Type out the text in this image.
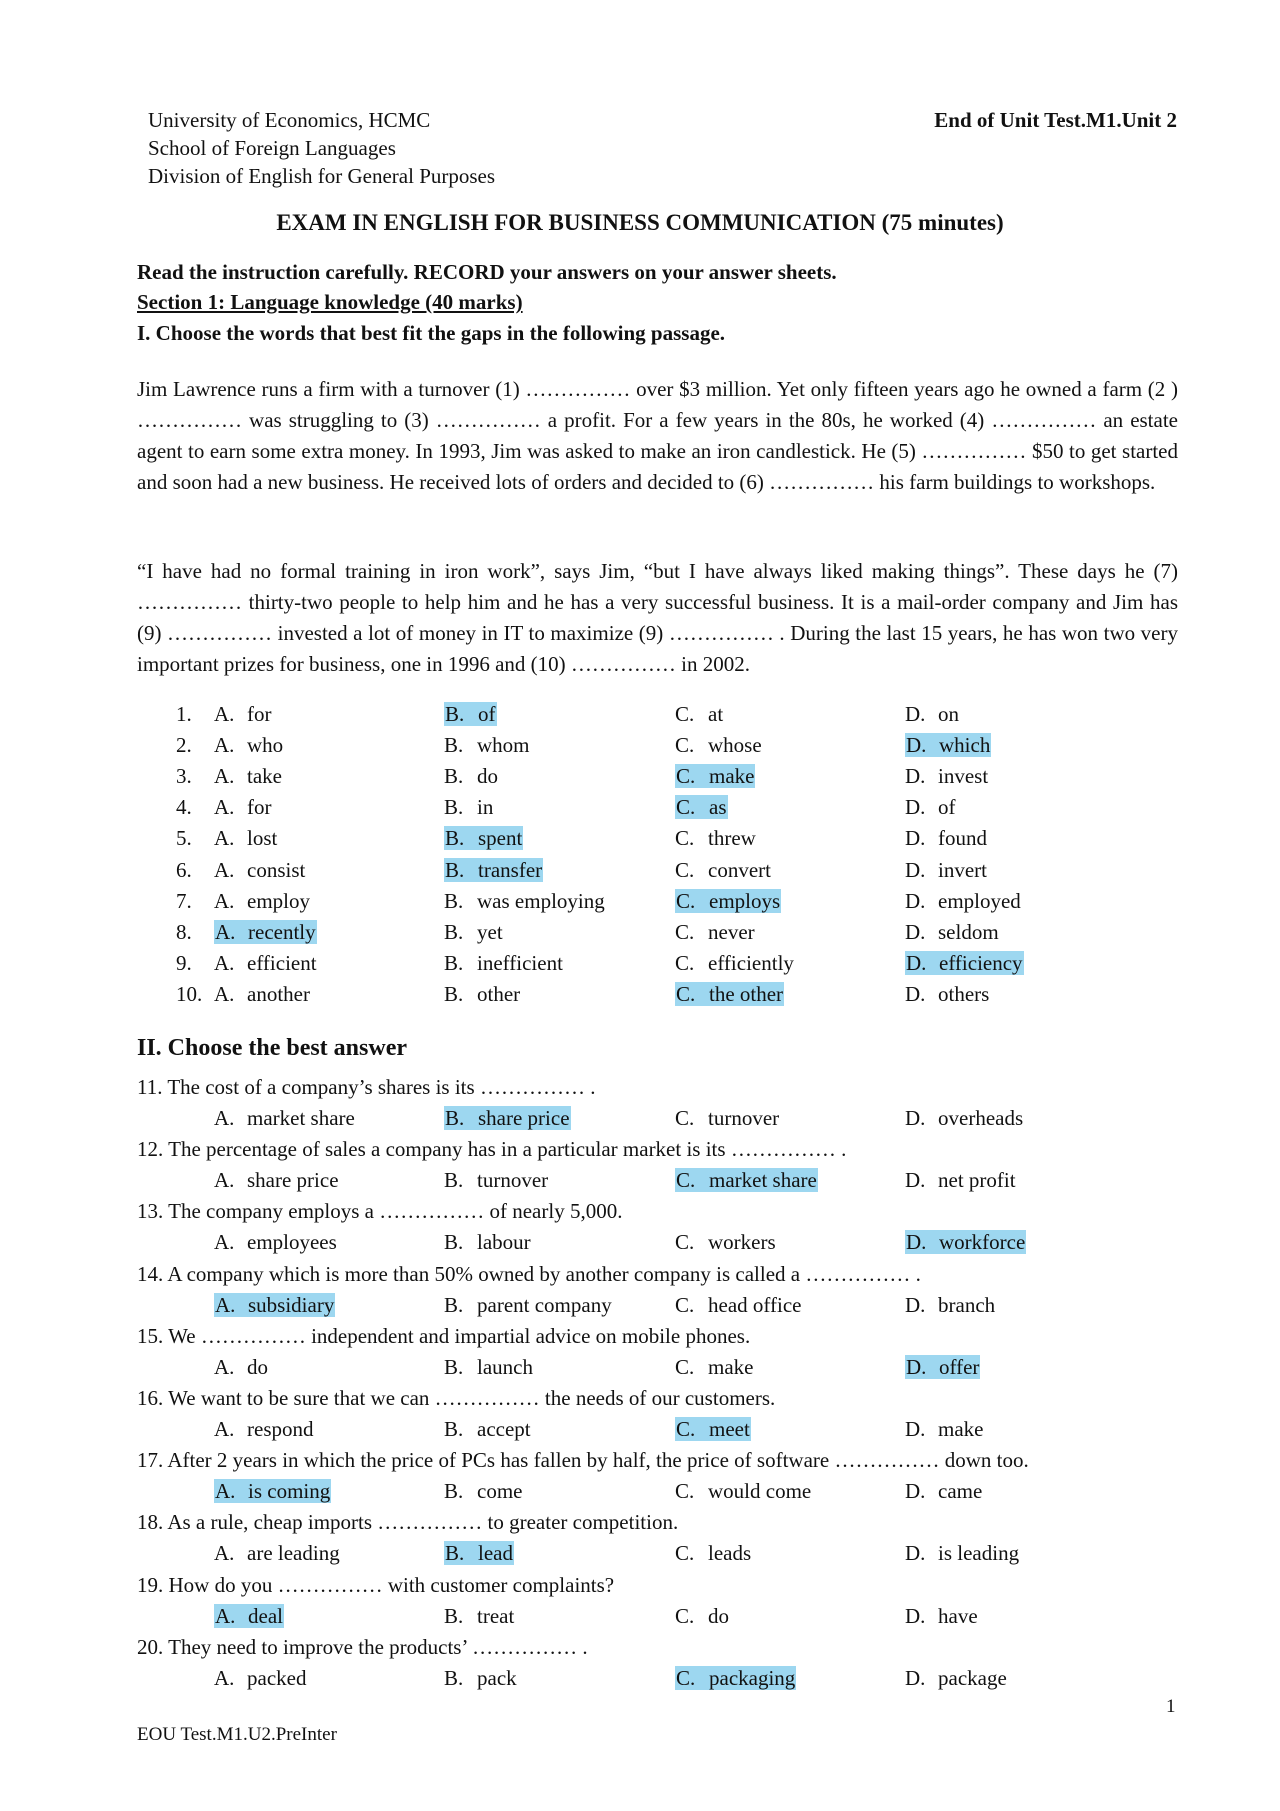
University of Economics, HCMC
School of Foreign Languages
Division of English for General Purposes
End of Unit Test.M1.Unit 2
EXAM IN ENGLISH FOR BUSINESS COMMUNICATION (75 minutes)
Read the instruction carefully. RECORD your answers on your answer sheets.
Section 1: Language knowledge (40 marks)
I. Choose the words that best fit the gaps in the following passage.

Jim Lawrence runs a firm with a turnover (1) …………… over $3 million. Yet only fifteen years ago he owned a farm (2 ) …………… was struggling to (3) …………… a profit. For a few years in the 80s, he worked (4) …………… an estate agent to earn some extra money. In 1993, Jim was asked to make an iron candlestick. He (5) …………… $50 to get started and soon had a new business. He received lots of orders and decided to (6) …………… his farm buildings to workshops.

“I have had no formal training in iron work”, says Jim, “but I have always liked making things”. These days he (7) …………… thirty-two people to help him and he has a very successful business. It is a mail-order company and Jim has (9) …………… invested a lot of money in IT to maximize (9) …………… . During the last 15 years, he has won two very important prizes for business, one in 1996 and (10) …………… in 2002.

1. A. for	B. of	C. at	D. on
2. A. who	B. whom	C. whose	D. which
3. A. take	B. do	C. make	D. invest
4. A. for	B. in	C. as	D. of
5. A. lost	B. spent	C. threw	D. found
6. A. consist	B. transfer	C. convert	D. invert
7. A. employ	B. was employing	C. employs	D. employed
8. A. recently	B. yet	C. never	D. seldom
9. A. efficient	B. inefficient	C. efficiently	D. efficiency
10. A. another	B. other	C. the other	D. others
II. Choose the best answer
11. The cost of a company’s shares is its …………… .
A. market share	B. share price	C. turnover	D. overheads
12. The percentage of sales a company has in a particular market is its …………… .
A. share price	B. turnover	C. market share	D. net profit
13. The company employs a …………… of nearly 5,000.
A. employees	B. labour	C. workers	D. workforce
14. A company which is more than 50% owned by another company is called a …………… .
A. subsidiary	B. parent company	C. head office	D. branch
15. We …………… independent and impartial advice on mobile phones.
A. do	B. launch	C. make	D. offer
16. We want to be sure that we can …………… the needs of our customers.
A. respond	B. accept	C. meet	D. make
17. After 2 years in which the price of PCs has fallen by half, the price of software …………… down too.
A. is coming	B. come	C. would come	D. came
18. As a rule, cheap imports …………… to greater competition.
A. are leading	B. lead	C. leads	D. is leading
19. How do you …………… with customer complaints?
A. deal	B. treat	C. do	D. have
20. They need to improve the products’ …………… .
A. packed	B. pack	C. packaging	D. package
1
EOU Test.M1.U2.PreInter
